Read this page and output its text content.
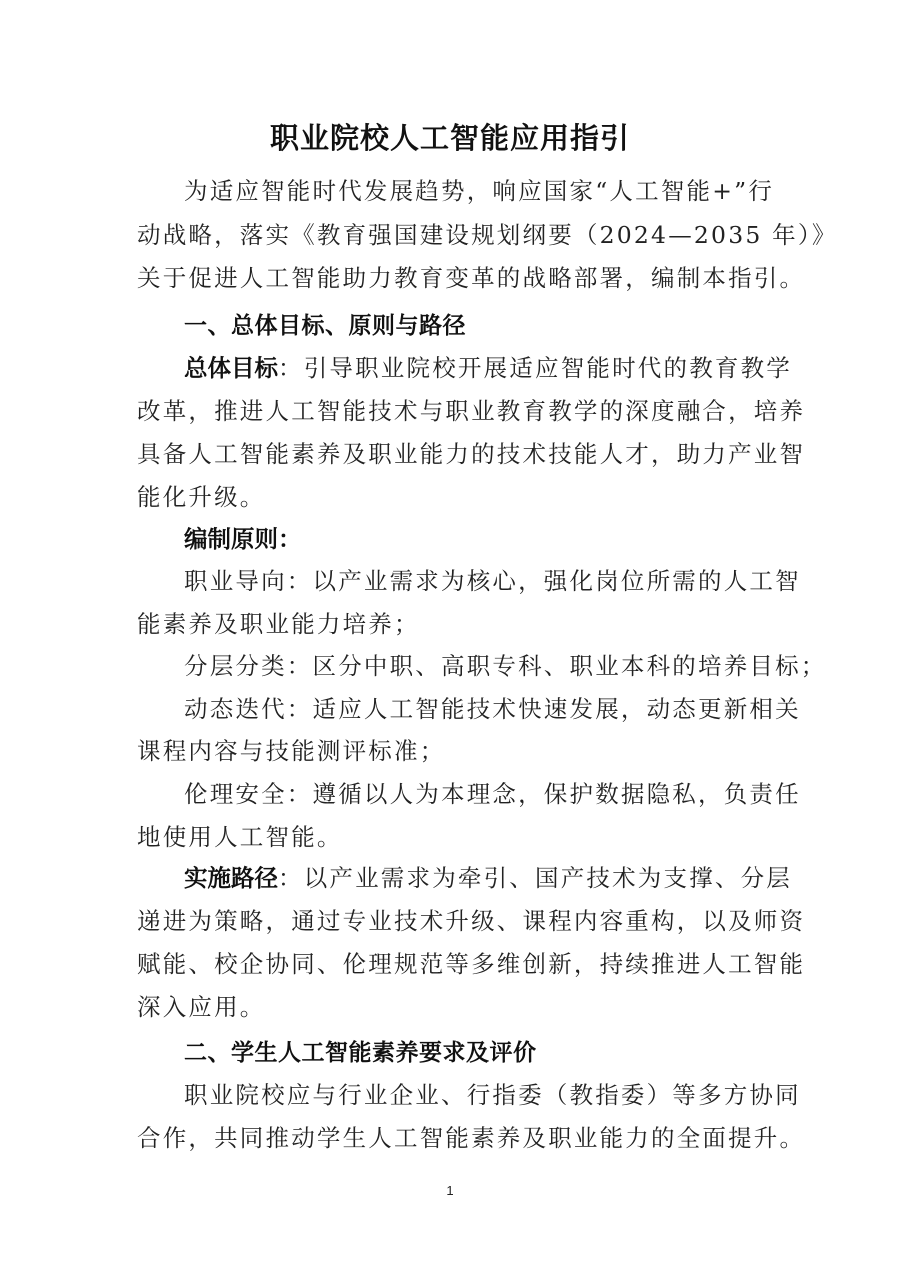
职业院校人工智能应用指引
为适应智能时代发展趋势，响应国家“人工智能+”行
动战略，落实《教育强国建设规划纲要（2024—2035 年）》
关于促进人工智能助力教育变革的战略部署，编制本指引。
一、总体目标、原则与路径
总体目标：引导职业院校开展适应智能时代的教育教学
改革，推进人工智能技术与职业教育教学的深度融合，培养
具备人工智能素养及职业能力的技术技能人才，助力产业智
能化升级。
编制原则：
职业导向：以产业需求为核心，强化岗位所需的人工智
能素养及职业能力培养；
分层分类：区分中职、高职专科、职业本科的培养目标；
动态迭代：适应人工智能技术快速发展，动态更新相关
课程内容与技能测评标准；
伦理安全：遵循以人为本理念，保护数据隐私，负责任
地使用人工智能。
实施路径：以产业需求为牵引、国产技术为支撑、分层
递进为策略，通过专业技术升级、课程内容重构，以及师资
赋能、校企协同、伦理规范等多维创新，持续推进人工智能
深入应用。
二、学生人工智能素养要求及评价
职业院校应与行业企业、行指委（教指委）等多方协同
合作，共同推动学生人工智能素养及职业能力的全面提升。
1
